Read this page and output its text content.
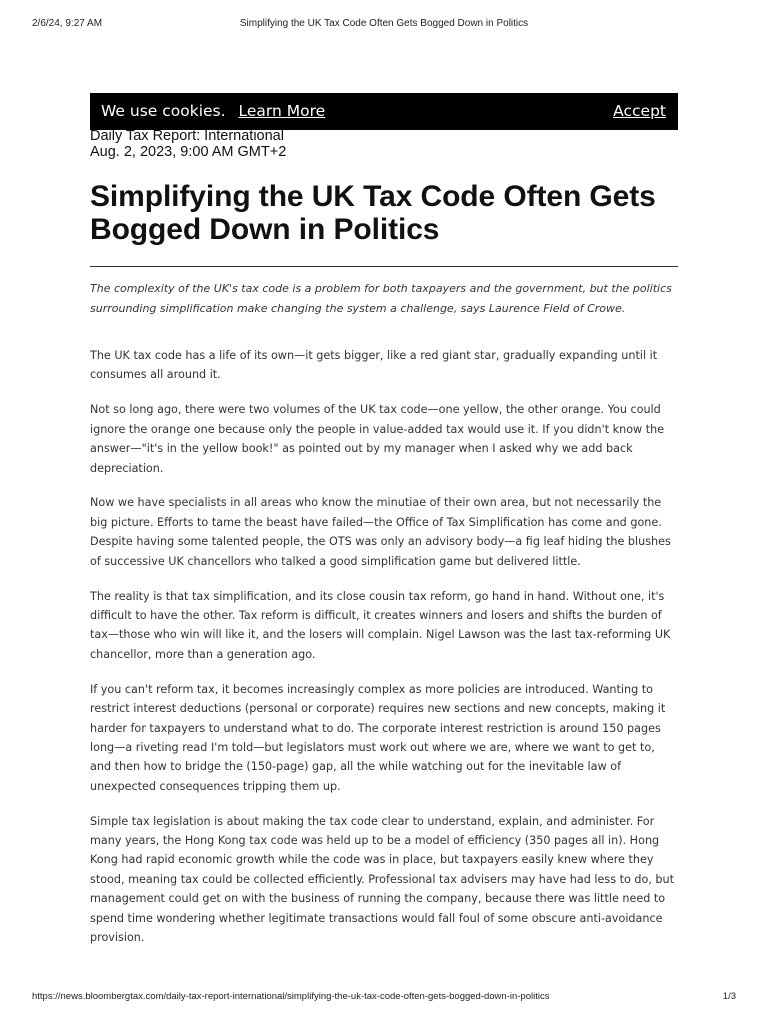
2/6/24, 9:27 AM	Simplifying the UK Tax Code Often Gets Bogged Down in Politics
We use cookies. Learn More	Accept
Daily Tax Report: International
Aug. 2, 2023, 9:00 AM GMT+2
Simplifying the UK Tax Code Often Gets Bogged Down in Politics

The complexity of the UK's tax code is a problem for both taxpayers and the government, but the politics surrounding simplification make changing the system a challenge, says Laurence Field of Crowe.

The UK tax code has a life of its own—it gets bigger, like a red giant star, gradually expanding until it consumes all around it.

Not so long ago, there were two volumes of the UK tax code—one yellow, the other orange. You could ignore the orange one because only the people in value-added tax would use it. If you didn't know the answer—"it's in the yellow book!" as pointed out by my manager when I asked why we add back depreciation.

Now we have specialists in all areas who know the minutiae of their own area, but not necessarily the big picture. Efforts to tame the beast have failed—the Office of Tax Simplification has come and gone. Despite having some talented people, the OTS was only an advisory body—a fig leaf hiding the blushes of successive UK chancellors who talked a good simplification game but delivered little.

The reality is that tax simplification, and its close cousin tax reform, go hand in hand. Without one, it's difficult to have the other. Tax reform is difficult, it creates winners and losers and shifts the burden of tax—those who win will like it, and the losers will complain. Nigel Lawson was the last tax-reforming UK chancellor, more than a generation ago.

If you can't reform tax, it becomes increasingly complex as more policies are introduced. Wanting to restrict interest deductions (personal or corporate) requires new sections and new concepts, making it harder for taxpayers to understand what to do. The corporate interest restriction is around 150 pages long—a riveting read I'm told—but legislators must work out where we are, where we want to get to, and then how to bridge the (150-page) gap, all the while watching out for the inevitable law of unexpected consequences tripping them up.

Simple tax legislation is about making the tax code clear to understand, explain, and administer. For many years, the Hong Kong tax code was held up to be a model of efficiency (350 pages all in). Hong Kong had rapid economic growth while the code was in place, but taxpayers easily knew where they stood, meaning tax could be collected efficiently. Professional tax advisers may have had less to do, but management could get on with the business of running the company, because there was little need to spend time wondering whether legitimate transactions would fall foul of some obscure anti-avoidance provision.

https://news.bloombergtax.com/daily-tax-report-international/simplifying-the-uk-tax-code-often-gets-bogged-down-in-politics	1/3
